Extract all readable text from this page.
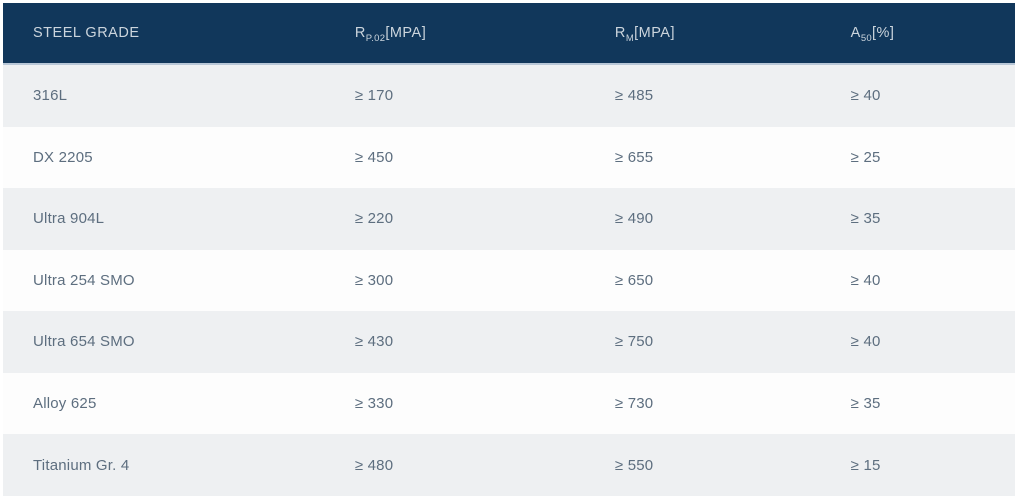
STEEL GRADE	$R_{P.02}[MPA]$	$R_M[MPA]$	$A_{50}[\%]$
316L	≥ 170	≥ 485	≥ 40
DX 2205	≥ 450	≥ 655	≥ 25
Ultra 904L	≥ 220	≥ 490	≥ 35
Ultra 254 SMO	≥ 300	≥ 650	≥ 40
Ultra 654 SMO	≥ 430	≥ 750	≥ 40
Alloy 625	≥ 330	≥ 730	≥ 35
Titanium Gr. 4	≥ 480	≥ 550	≥ 15
